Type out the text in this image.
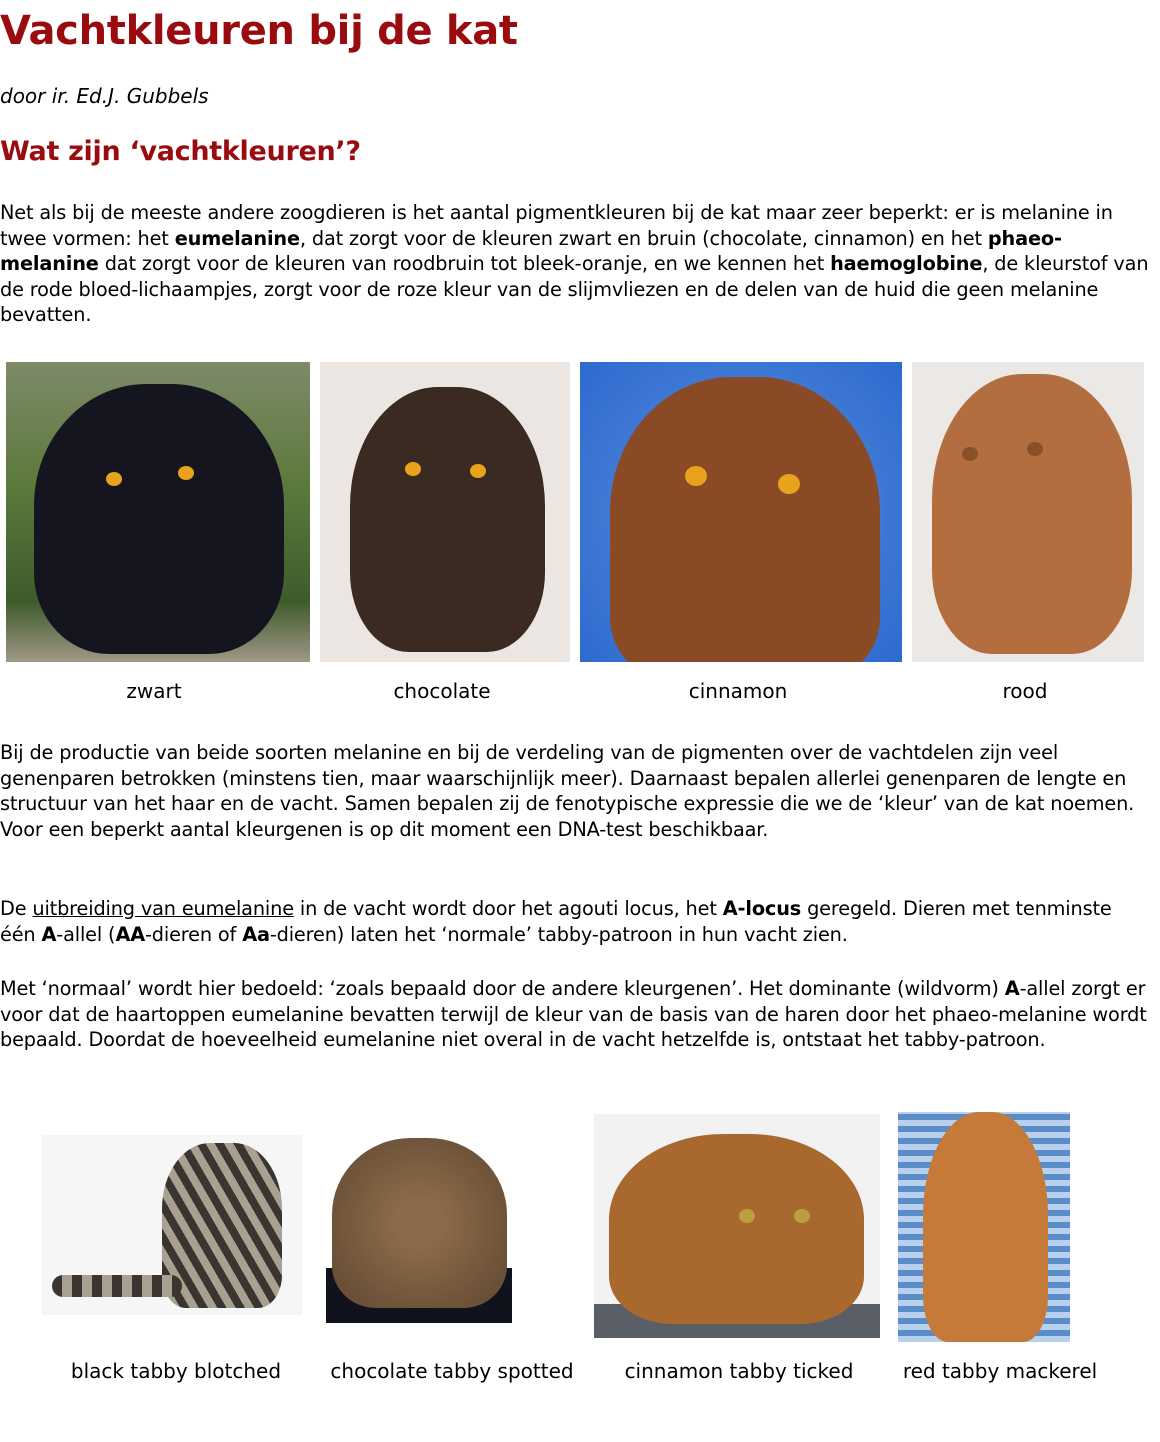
Vachtkleuren bij de kat
door ir. Ed.J. Gubbels
Wat zijn ‘vachtkleuren’?

Net als bij de meeste andere zoogdieren is het aantal pigmentkleuren bij de kat maar zeer beperkt: er is melanine in twee vormen: het eumelanine, dat zorgt voor de kleuren zwart en bruin (chocolate, cinnamon) en het phaeo-melanine dat zorgt voor de kleuren van roodbruin tot bleek-oranje, en we kennen het haemoglobine, de kleurstof van de rode bloed-lichaampjes, zorgt voor de roze kleur van de slijmvliezen en de delen van de huid die geen melanine bevatten.

zwart	chocolate	cinnamon	rood

Bij de productie van beide soorten melanine en bij de verdeling van de pigmenten over de vachtdelen zijn veel genenparen betrokken (minstens tien, maar waarschijnlijk meer). Daarnaast bepalen allerlei genenparen de lengte en structuur van het haar en de vacht. Samen bepalen zij de fenotypische expressie die we de ‘kleur’ van de kat noemen. Voor een beperkt aantal kleurgenen is op dit moment een DNA-test beschikbaar.

De uitbreiding van eumelanine in de vacht wordt door het agouti locus, het A-locus geregeld. Dieren met tenminste één A-allel (AA-dieren of Aa-dieren) laten het ‘normale’ tabby-patroon in hun vacht zien.

Met ‘normaal’ wordt hier bedoeld: ‘zoals bepaald door de andere kleurgenen’. Het dominante (wildvorm) A-allel zorgt er voor dat de haartoppen eumelanine bevatten terwijl de kleur van de basis van de haren door het phaeo-melanine wordt bepaald. Doordat de hoeveelheid eumelanine niet overal in de vacht hetzelfde is, ontstaat het tabby-patroon.

black tabby blotched	chocolate tabby spotted	cinnamon tabby ticked	red tabby mackerel
